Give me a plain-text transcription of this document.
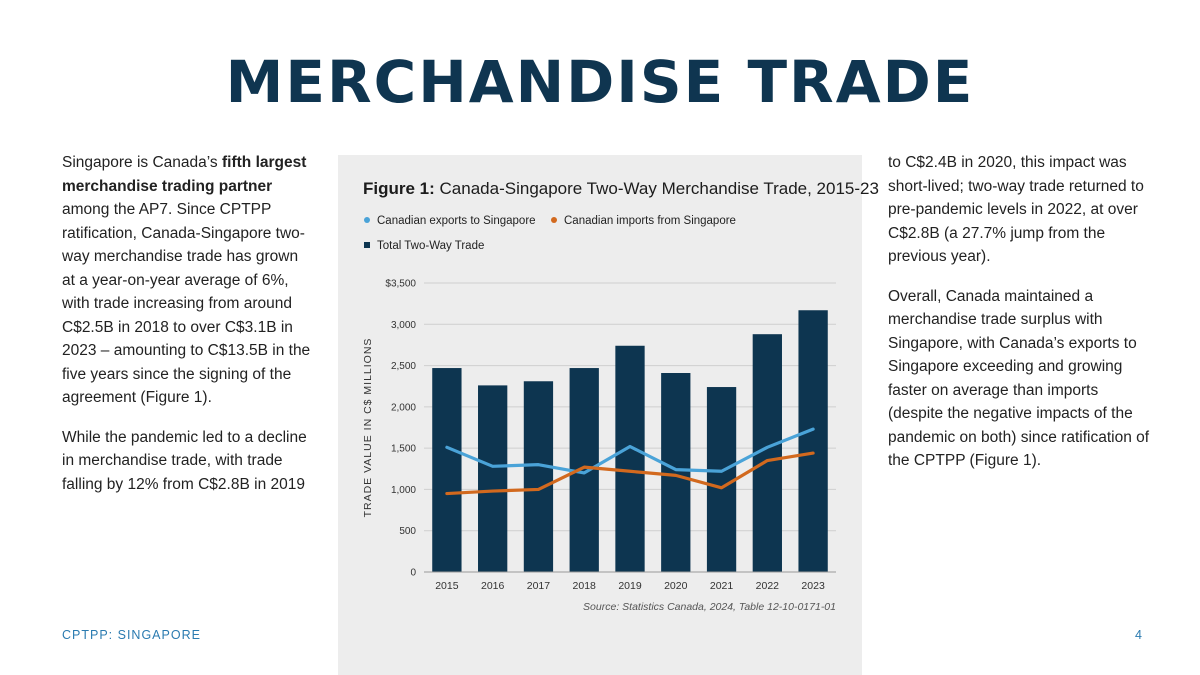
MERCHANDISE TRADE

Singapore is Canada’s fifth largest merchandise trading partner among the AP7. Since CPTPP ratification, Canada-Singapore two-way merchandise trade has grown at a year-on-year average of 6%, with trade increasing from around C$2.5B in 2018 to over C$3.1B in 2023 – amounting to C$13.5B in the five years since the signing of the agreement (Figure 1).

While the pandemic led to a decline in merchandise trade, with trade falling by 12% from C$2.8B in 2019

to C$2.4B in 2020, this impact was short-lived; two-way trade returned to pre-pandemic levels in 2022, at over C$2.8B (a 27.7% jump from the previous year).

Overall, Canada maintained a merchandise trade surplus with Singapore, with Canada’s exports to Singapore exceeding and growing faster on average than imports (despite the negative impacts of the pandemic on both) since ratification of the CPTPP (Figure 1).

Figure 1: Canada-Singapore Two-Way Merchandise Trade, 2015-23
Canadian exports to Singapore	Canadian imports from Singapore
Total Two-Way Trade
0
500
1,000
1,500
2,000
2,500
3,000
$3,500
TRADE VALUE IN C$ MILLIONS
2015 2016 2017 2018 2019 2020 2021 2022 2023
Source: Statistics Canada, 2024, Table 12-10-0171-01
CPTPP: SINGAPORE	4
